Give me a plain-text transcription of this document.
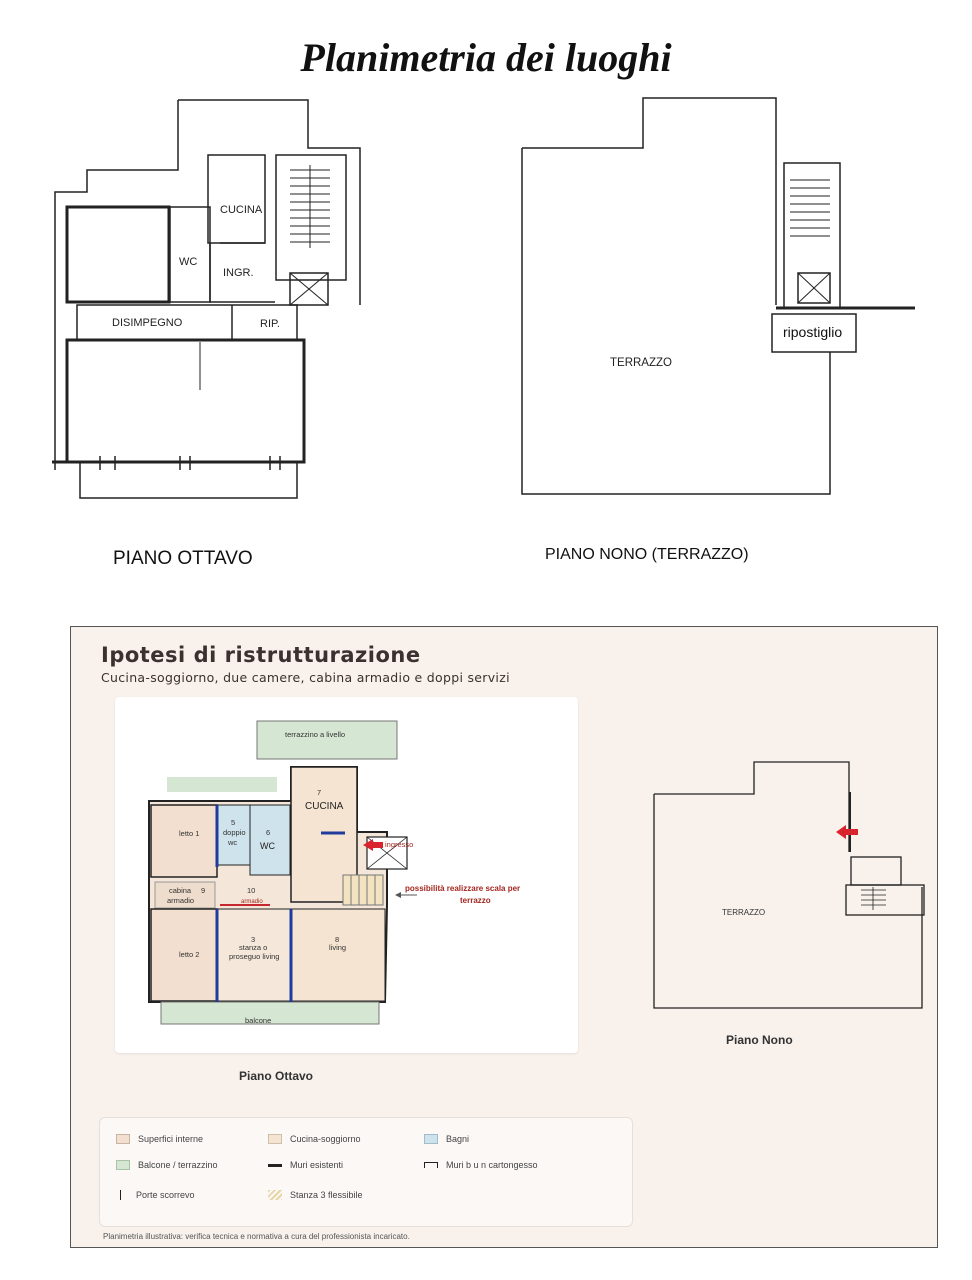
Planimetria dei luoghi
CUCINA
WC
INGR.
DISIMPEGNO	RIP.
PIANO OTTAVO
TERRAZZO
ripostiglio
PIANO NONO (TERRAZZO)
Ipotesi di ristrutturazione
Cucina-soggiorno, due camere, cabina armadio e doppi servizi
terrazzino a livello
7
letto 1
5
doppio
wc
6
cabina 9
armadio
10
letto 2
3
stanza o
proseguo living
8
living
balcone
CUCINA
WC
armadio
ingresso
possibilità realizzare scala per
terrazzo
Piano Ottavo
TERRAZZO
Piano Nono
Superfici interne	Cucina-soggiorno	Bagni
Balcone / terrazzino	Muri esistenti	Muri b u n cartongesso
Porte scorrevo	Stanza 3 flessibile
Planimetria illustrativa: verifica tecnica e normativa a cura del professionista incaricato.
